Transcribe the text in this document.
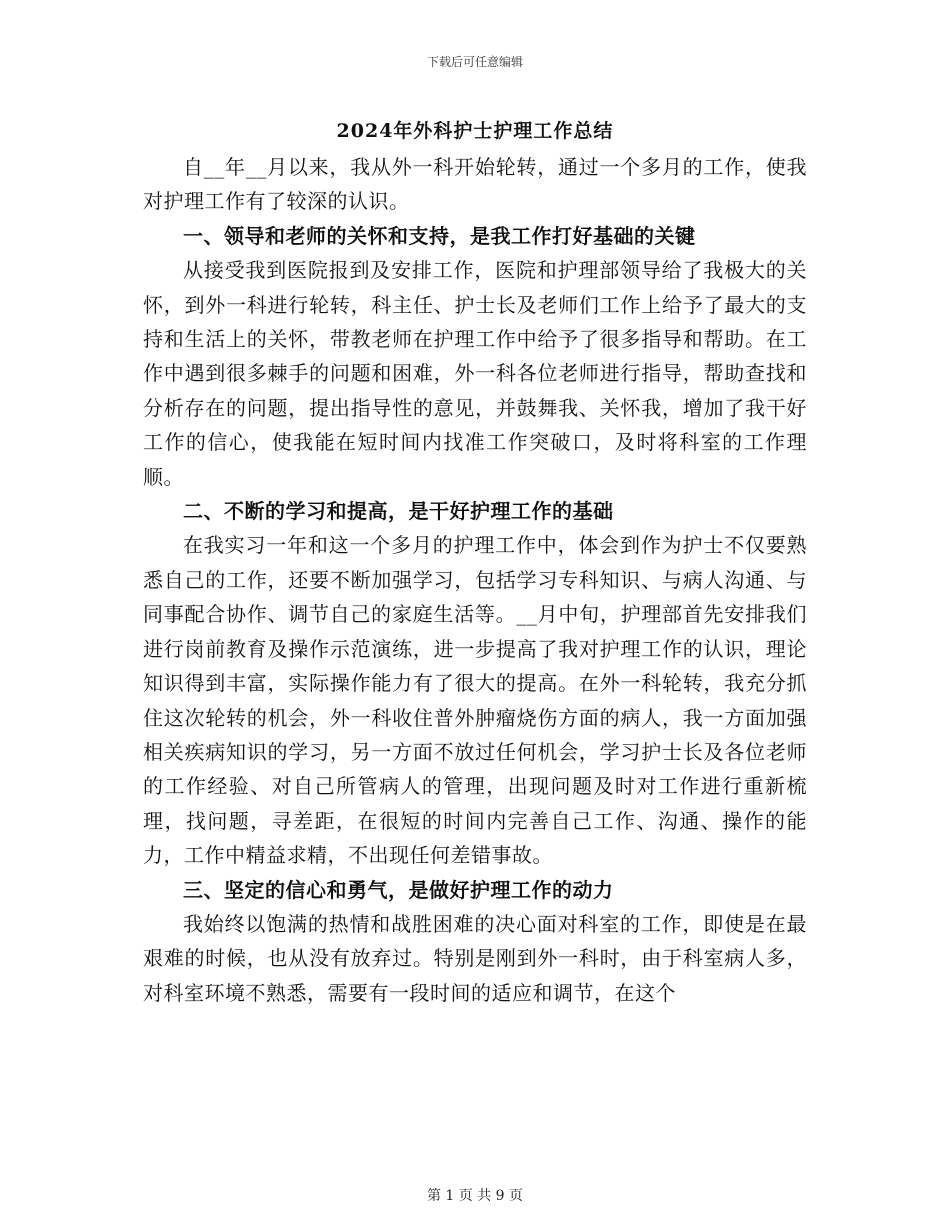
下载后可任意编辑
2024年外科护士护理工作总结

自__年__月以来，我从外一科开始轮转，通过一个多月的工作，使我对护理工作有了较深的认识。

一、领导和老师的关怀和支持，是我工作打好基础的关键

从接受我到医院报到及安排工作，医院和护理部领导给了我极大的关怀，到外一科进行轮转，科主任、护士长及老师们工作上给予了最大的支持和生活上的关怀，带教老师在护理工作中给予了很多指导和帮助。在工作中遇到很多棘手的问题和困难，外一科各位老师进行指导，帮助查找和分析存在的问题，提出指导性的意见，并鼓舞我、关怀我，增加了我干好工作的信心，使我能在短时间内找准工作突破口，及时将科室的工作理顺。

二、不断的学习和提高，是干好护理工作的基础

在我实习一年和这一个多月的护理工作中，体会到作为护士不仅要熟悉自己的工作，还要不断加强学习，包括学习专科知识、与病人沟通、与同事配合协作、调节自己的家庭生活等。__月中旬，护理部首先安排我们进行岗前教育及操作示范演练，进一步提高了我对护理工作的认识，理论知识得到丰富，实际操作能力有了很大的提高。在外一科轮转，我充分抓住这次轮转的机会，外一科收住普外肿瘤烧伤方面的病人，我一方面加强相关疾病知识的学习，另一方面不放过任何机会，学习护士长及各位老师的工作经验、对自己所管病人的管理，出现问题及时对工作进行重新梳理，找问题，寻差距，在很短的时间内完善自己工作、沟通、操作的能力，工作中精益求精，不出现任何差错事故。

三、坚定的信心和勇气，是做好护理工作的动力

我始终以饱满的热情和战胜困难的决心面对科室的工作，即使是在最艰难的时候，也从没有放弃过。特别是刚到外一科时，由于科室病人多，对科室环境不熟悉，需要有一段时间的适应和调节，在这个

第 1 页 共 9 页
